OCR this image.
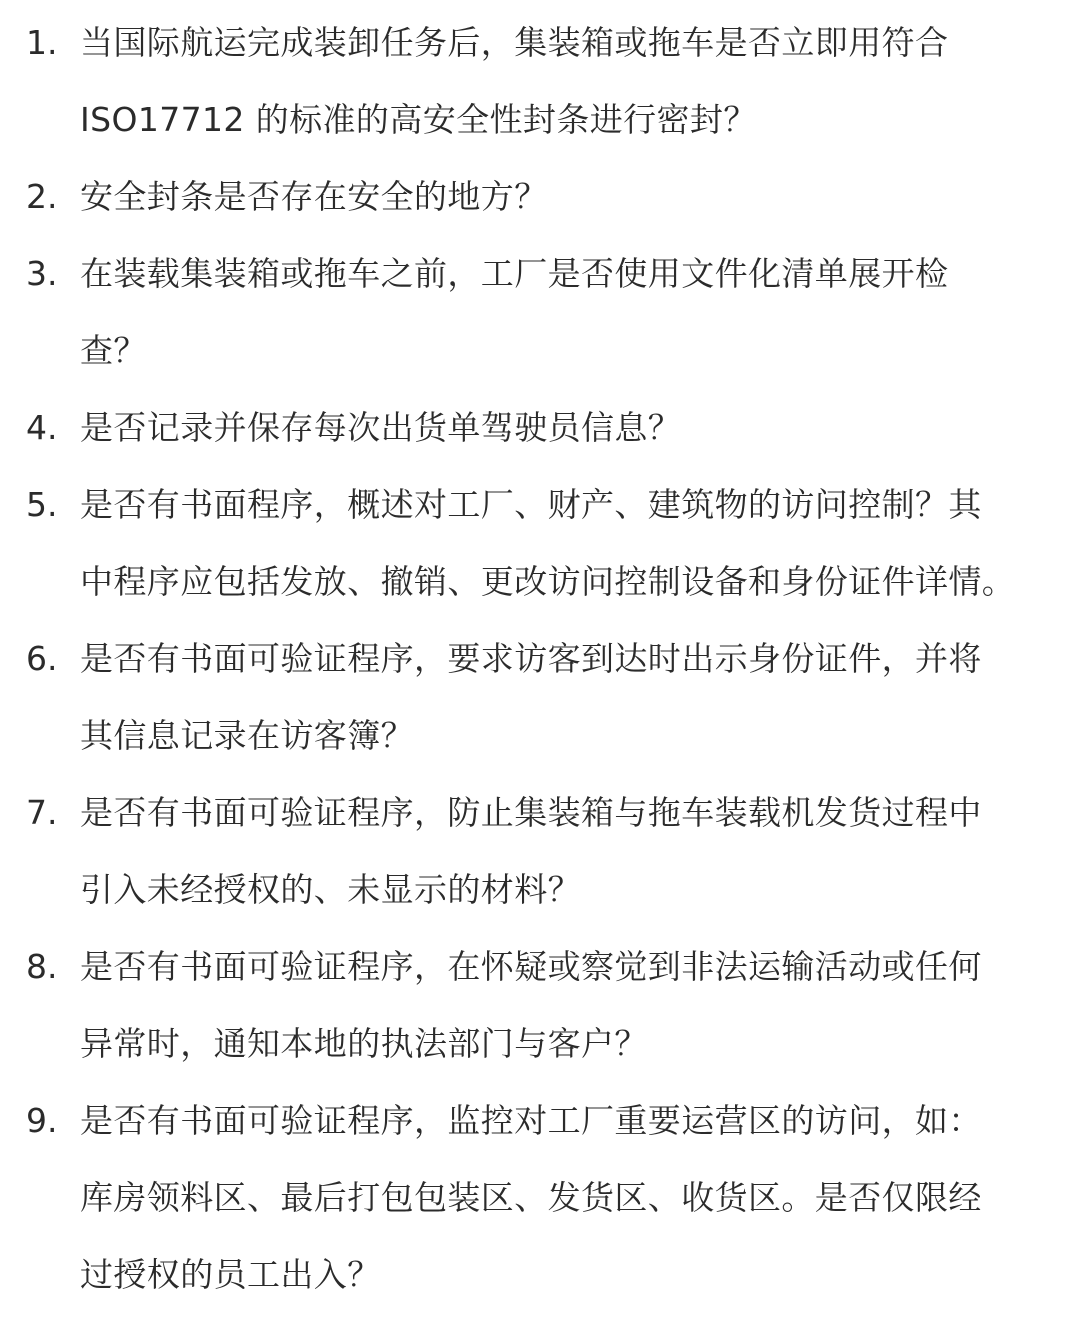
1. 当国际航运完成装卸任务后，集装箱或拖车是否立即用符合
ISO17712 的标准的高安全性封条进行密封？
2. 安全封条是否存在安全的地方？
3. 在装载集装箱或拖车之前，工厂是否使用文件化清单展开检
查？
4. 是否记录并保存每次出货单驾驶员信息？
5. 是否有书面程序，概述对工厂、财产、建筑物的访问控制？其
中程序应包括发放、撤销、更改访问控制设备和身份证件详情。
6. 是否有书面可验证程序，要求访客到达时出示身份证件，并将
其信息记录在访客簿？
7. 是否有书面可验证程序，防止集装箱与拖车装载机发货过程中
引入未经授权的、未显示的材料？
8. 是否有书面可验证程序，在怀疑或察觉到非法运输活动或任何
异常时，通知本地的执法部门与客户？
9. 是否有书面可验证程序，监控对工厂重要运营区的访问，如：
库房领料区、最后打包包装区、发货区、收货区。是否仅限经
过授权的员工出入？
